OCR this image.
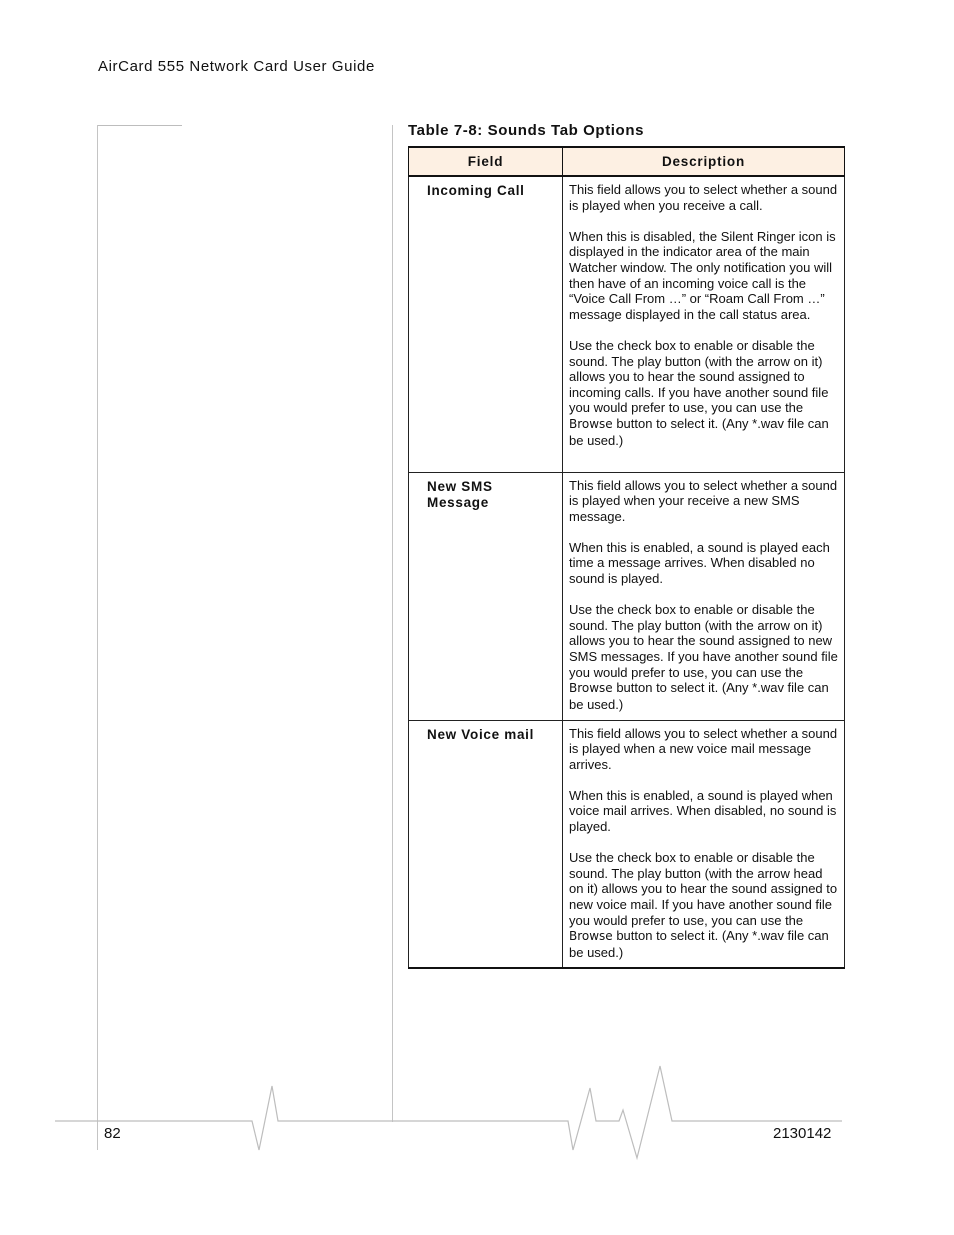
AirCard 555 Network Card User Guide
Table 7-8: Sounds Tab Options
Field	Description
Incoming Call	This field allows you to select whether a sound is played when you receive a call.

When this is disabled, the Silent Ringer icon is displayed in the indicator area of the main Watcher window. The only notification you will then have of an incoming voice call is the “Voice Call From …” or “Roam Call From …” message displayed in the call status area.

Use the check box to enable or disable the sound. The play button (with the arrow on it) allows you to hear the sound assigned to incoming calls. If you have another sound file you would prefer to use, you can use the Browse button to select it. (Any *.wav file can be used.)

New SMS Message	This field allows you to select whether a sound is played when your receive a new SMS message.

When this is enabled, a sound is played each time a message arrives. When disabled no sound is played.

Use the check box to enable or disable the sound. The play button (with the arrow on it) allows you to hear the sound assigned to new SMS messages. If you have another sound file you would prefer to use, you can use the Browse button to select it. (Any *.wav file can be used.)

New Voice mail	This field allows you to select whether a sound is played when a new voice mail message arrives.

When this is enabled, a sound is played when voice mail arrives. When disabled, no sound is played.

Use the check box to enable or disable the sound. The play button (with the arrow head on it) allows you to hear the sound assigned to new voice mail. If you have another sound file you would prefer to use, you can use the Browse button to select it. (Any *.wav file can be used.)

82	2130142
